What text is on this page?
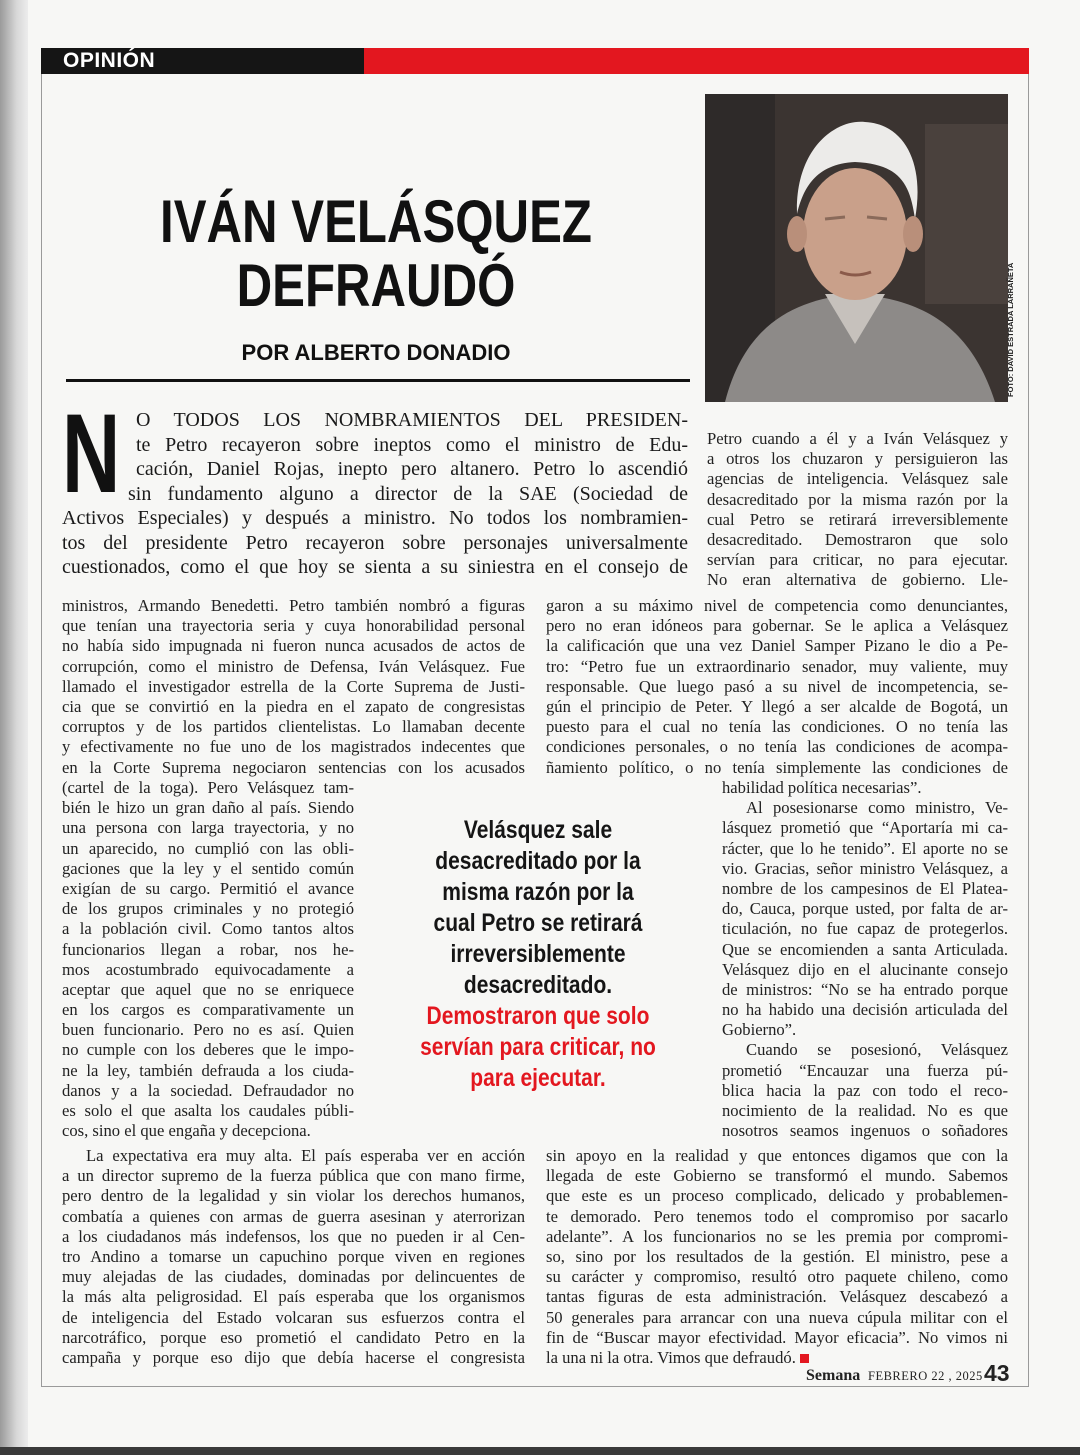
OPINIÓN
IVÁN VELÁSQUEZ
DEFRAUDÓ
POR ALBERTO DONADIO	FOTO: DAVID ESTRADA LARRAÑETA
N O TODOS LOS NOMBRAMIENTOS DEL PRESIDEN-
te Petro recayeron sobre ineptos como el ministro de Edu-
cación, Daniel Rojas, inepto pero altanero. Petro lo ascendió
sin fundamento alguno a director de la SAE (Sociedad de
Activos Especiales) y después a ministro. No todos los nombramien-
tos del presidente Petro recayeron sobre personajes universalmente
cuestionados, como el que hoy se sienta a su siniestra en el consejo de
Petro cuando a él y a Iván Velásquez y
a otros los chuzaron y persiguieron las
agencias de inteligencia. Velásquez sale
desacreditado por la misma razón por la
cual Petro se retirará irreversiblemente
desacreditado. Demostraron que solo
servían para criticar, no para ejecutar.
No eran alternativa de gobierno. Lle-
ministros, Armando Benedetti. Petro también nombró a figuras
que tenían una trayectoria seria y cuya honorabilidad personal
no había sido impugnada ni fueron nunca acusados de actos de
corrupción, como el ministro de Defensa, Iván Velásquez. Fue
llamado el investigador estrella de la Corte Suprema de Justi-
cia que se convirtió en la piedra en el zapato de congresistas
corruptos y de los partidos clientelistas. Lo llamaban decente
y efectivamente no fue uno de los magistrados indecentes que
en la Corte Suprema negociaron sentencias con los acusados
garon a su máximo nivel de competencia como denunciantes,
pero no eran idóneos para gobernar. Se le aplica a Velásquez
la calificación que una vez Daniel Samper Pizano le dio a Pe-
tro: “Petro fue un extraordinario senador, muy valiente, muy
responsable. Que luego pasó a su nivel de incompetencia, se-
gún el principio de Peter. Y llegó a ser alcalde de Bogotá, un
puesto para el cual no tenía las condiciones. O no tenía las
condiciones personales, o no tenía las condiciones de acompa-
ñamiento político, o no tenía simplemente las condiciones de
(cartel de la toga). Pero Velásquez tam-
bién le hizo un gran daño al país. Siendo
una persona con larga trayectoria, y no
un aparecido, no cumplió con las obli-
gaciones que la ley y el sentido común
exigían de su cargo. Permitió el avance
de los grupos criminales y no protegió
a la población civil. Como tantos altos
funcionarios llegan a robar, nos he-
mos acostumbrado equivocadamente a
aceptar que aquel que no se enriquece
en los cargos es comparativamente un
buen funcionario. Pero no es así. Quien
no cumple con los deberes que le impo-
ne la ley, también defrauda a los ciuda-
danos y a la sociedad. Defraudador no
es solo el que asalta los caudales públi-
cos, sino el que engaña y decepciona.
Velásquez sale
desacreditado por la
misma razón por la
cual Petro se retirará
irreversiblemente
desacreditado.
Demostraron que solo
servían para criticar, no
para ejecutar.
habilidad política necesarias”.
Al posesionarse como ministro, Ve-
lásquez prometió que “Aportaría mi ca-
rácter, que lo he tenido”. El aporte no se
vio. Gracias, señor ministro Velásquez, a
nombre de los campesinos de El Platea-
do, Cauca, porque usted, por falta de ar-
ticulación, no fue capaz de protegerlos.
Que se encomienden a santa Articulada.
Velásquez dijo en el alucinante consejo
de ministros: “No se ha entrado porque
no ha habido una decisión articulada del
Gobierno”.
Cuando se posesionó, Velásquez
prometió “Encauzar una fuerza pú-
blica hacia la paz con todo el reco-
nocimiento de la realidad. No es que
nosotros seamos ingenuos o soñadores
La expectativa era muy alta. El país esperaba ver en acción
a un director supremo de la fuerza pública que con mano firme,
pero dentro de la legalidad y sin violar los derechos humanos,
combatía a quienes con armas de guerra asesinan y aterrorizan
a los ciudadanos más indefensos, los que no pueden ir al Cen-
tro Andino a tomarse un capuchino porque viven en regiones
muy alejadas de las ciudades, dominadas por delincuentes de
la más alta peligrosidad. El país esperaba que los organismos
de inteligencia del Estado volcaran sus esfuerzos contra el
narcotráfico, porque eso prometió el candidato Petro en la
campaña y porque eso dijo que debía hacerse el congresista
sin apoyo en la realidad y que entonces digamos que con la
llegada de este Gobierno se transformó el mundo. Sabemos
que este es un proceso complicado, delicado y probablemen-
te demorado. Pero tenemos todo el compromiso por sacarlo
adelante”. A los funcionarios no se les premia por compromi-
so, sino por los resultados de la gestión. El ministro, pese a
su carácter y compromiso, resultó otro paquete chileno, como
tantas figuras de esta administración. Velásquez descabezó a
50 generales para arrancar con una nueva cúpula militar con el
fin de “Buscar mayor efectividad. Mayor eficacia”. No vimos ni
la una ni la otra. Vimos que defraudó.
Semana FEBRERO 22 , 2025 43
